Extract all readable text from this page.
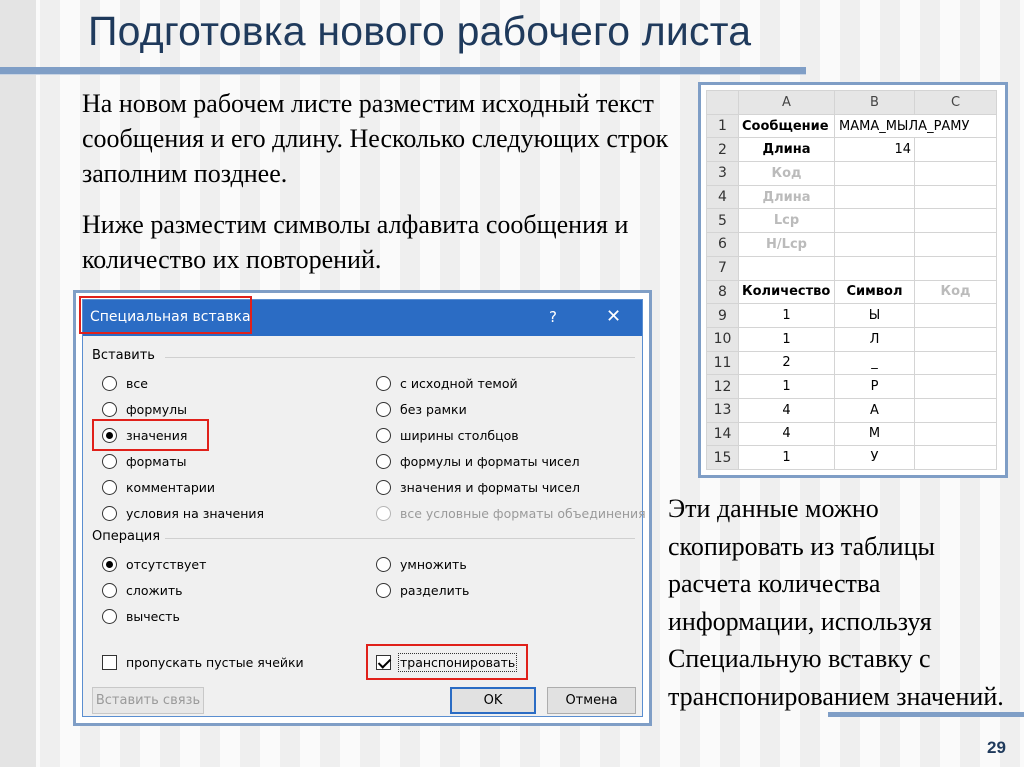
Подготовка нового рабочего листа
На новом рабочем листе разместим исходный текст сообщения и его длину. Несколько следующих строк заполним позднее.
Ниже разместим символы алфавита сообщения и количество их повторений.
	A	B	C
1	Сообщение	МАМА_МЫЛА_РАМУ	
2	Длина	14	
3	Код		
4	Длина		
5	Lcp		
6	H/Lcp		
7			
8	Количество	Символ	Код
9	1	Ы	
10	1	Л	
11	2	_	
12	1	Р	
13	4	А	
14	4	М	
15	1	У	
Специальная вставка	?	✕
Вставить
все
формулы
значения
форматы
комментарии
условия на значения
с исходной темой
без рамки
ширины столбцов
формулы и форматы чисел
значения и форматы чисел
все условные форматы объединения
Операция
отсутствует
сложить
вычесть
умножить
разделить
пропускать пустые ячейки	транспонировать
Вставить связь	OK	Отмена
Эти данные можно скопировать из таблицы расчета количества информации, используя Специальную вставку с транспонированием значений.
29
